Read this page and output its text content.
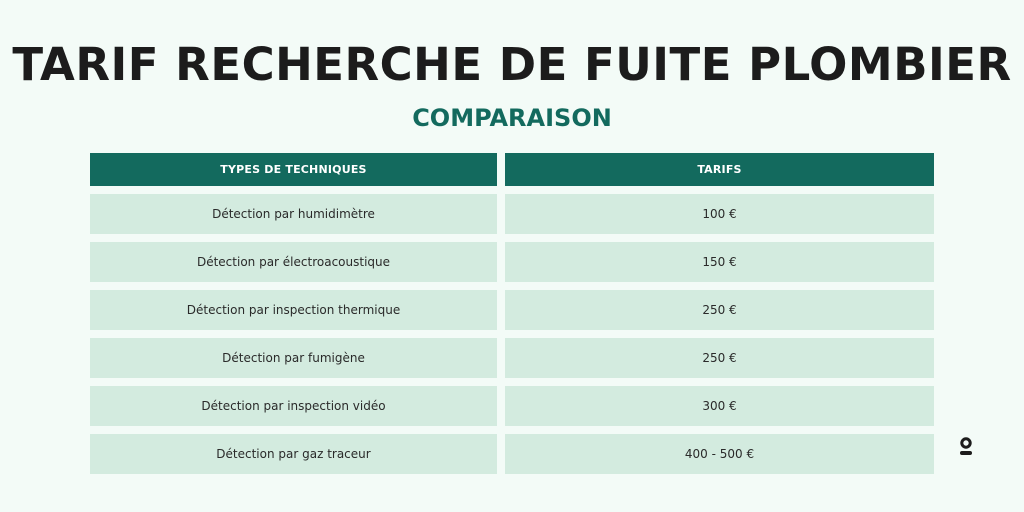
TARIF RECHERCHE DE FUITE PLOMBIER
COMPARAISON
TYPES DE TECHNIQUES	TARIFS
Détection par humidimètre	100 €
Détection par électroacoustique	150 €
Détection par inspection thermique	250 €
Détection par fumigène	250 €
Détection par inspection vidéo	300 €
Détection par gaz traceur	400 - 500 €
